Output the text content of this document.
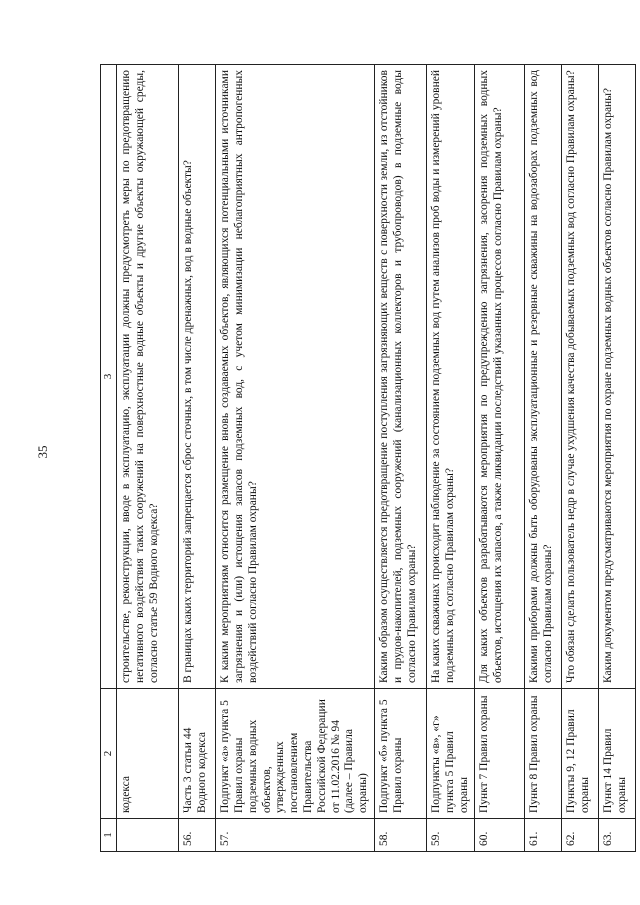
35
1	2	3
	кодекса	строительстве, реконструкции, вводе в эксплуатацию, эксплуатации должны предусмотреть меры по предотвращению негативного воздействия таких сооружений на поверхностные водные объекты и другие объекты окружающей среды, согласно статье 59 Водного кодекса?
56.	Часть 3 статьи 44 Водного кодекса	В границах каких территорий запрещается сброс сточных, в том числе дренажных, вод в водные объекты?
57.	Подпункт «а» пункта 5 Правил охраны подземных водных объектов, утвержденных постановлением Правительства Российской Федерации от 11.02.2016 № 94 (далее – Правила охраны)	К каким мероприятиям относится размещение вновь создаваемых объектов, являющихся потенциальными источниками загрязнения и (или) истощения запасов подземных вод, с учетом минимизации неблагоприятных антропогенных воздействий согласно Правилам охраны?
58.	Подпункт «б» пункта 5 Правил охраны	Каким образом осуществляется предотвращение поступления загрязняющих веществ с поверхности земли, из отстойников и прудов-накопителей, подземных сооружений (канализационных коллекторов и трубопроводов) в подземные воды согласно Правилам охраны?
59.	Подпункты «в», «г» пункта 5 Правил охраны	На каких скважинах происходит наблюдение за состоянием подземных вод путем анализов проб воды и измерений уровней подземных вод согласно Правилам охраны?
60.	Пункт 7 Правил охраны	Для каких объектов разрабатываются мероприятия по предупреждению загрязнения, засорения подземных водных объектов, истощения их запасов, а также ликвидации последствий указанных процессов согласно Правилам охраны?
61.	Пункт 8 Правил охраны	Какими приборами должны быть оборудованы эксплуатационные и резервные скважины на водозаборах подземных вод согласно Правилам охраны?
62.	Пункты 9, 12 Правил охраны	Что обязан сделать пользователь недр в случае ухудшения качества добываемых подземных вод согласно Правилам охраны?
63.	Пункт 14 Правил охраны	Каким документом предусматриваются мероприятия по охране подземных водных объектов согласно Правилам охраны?
